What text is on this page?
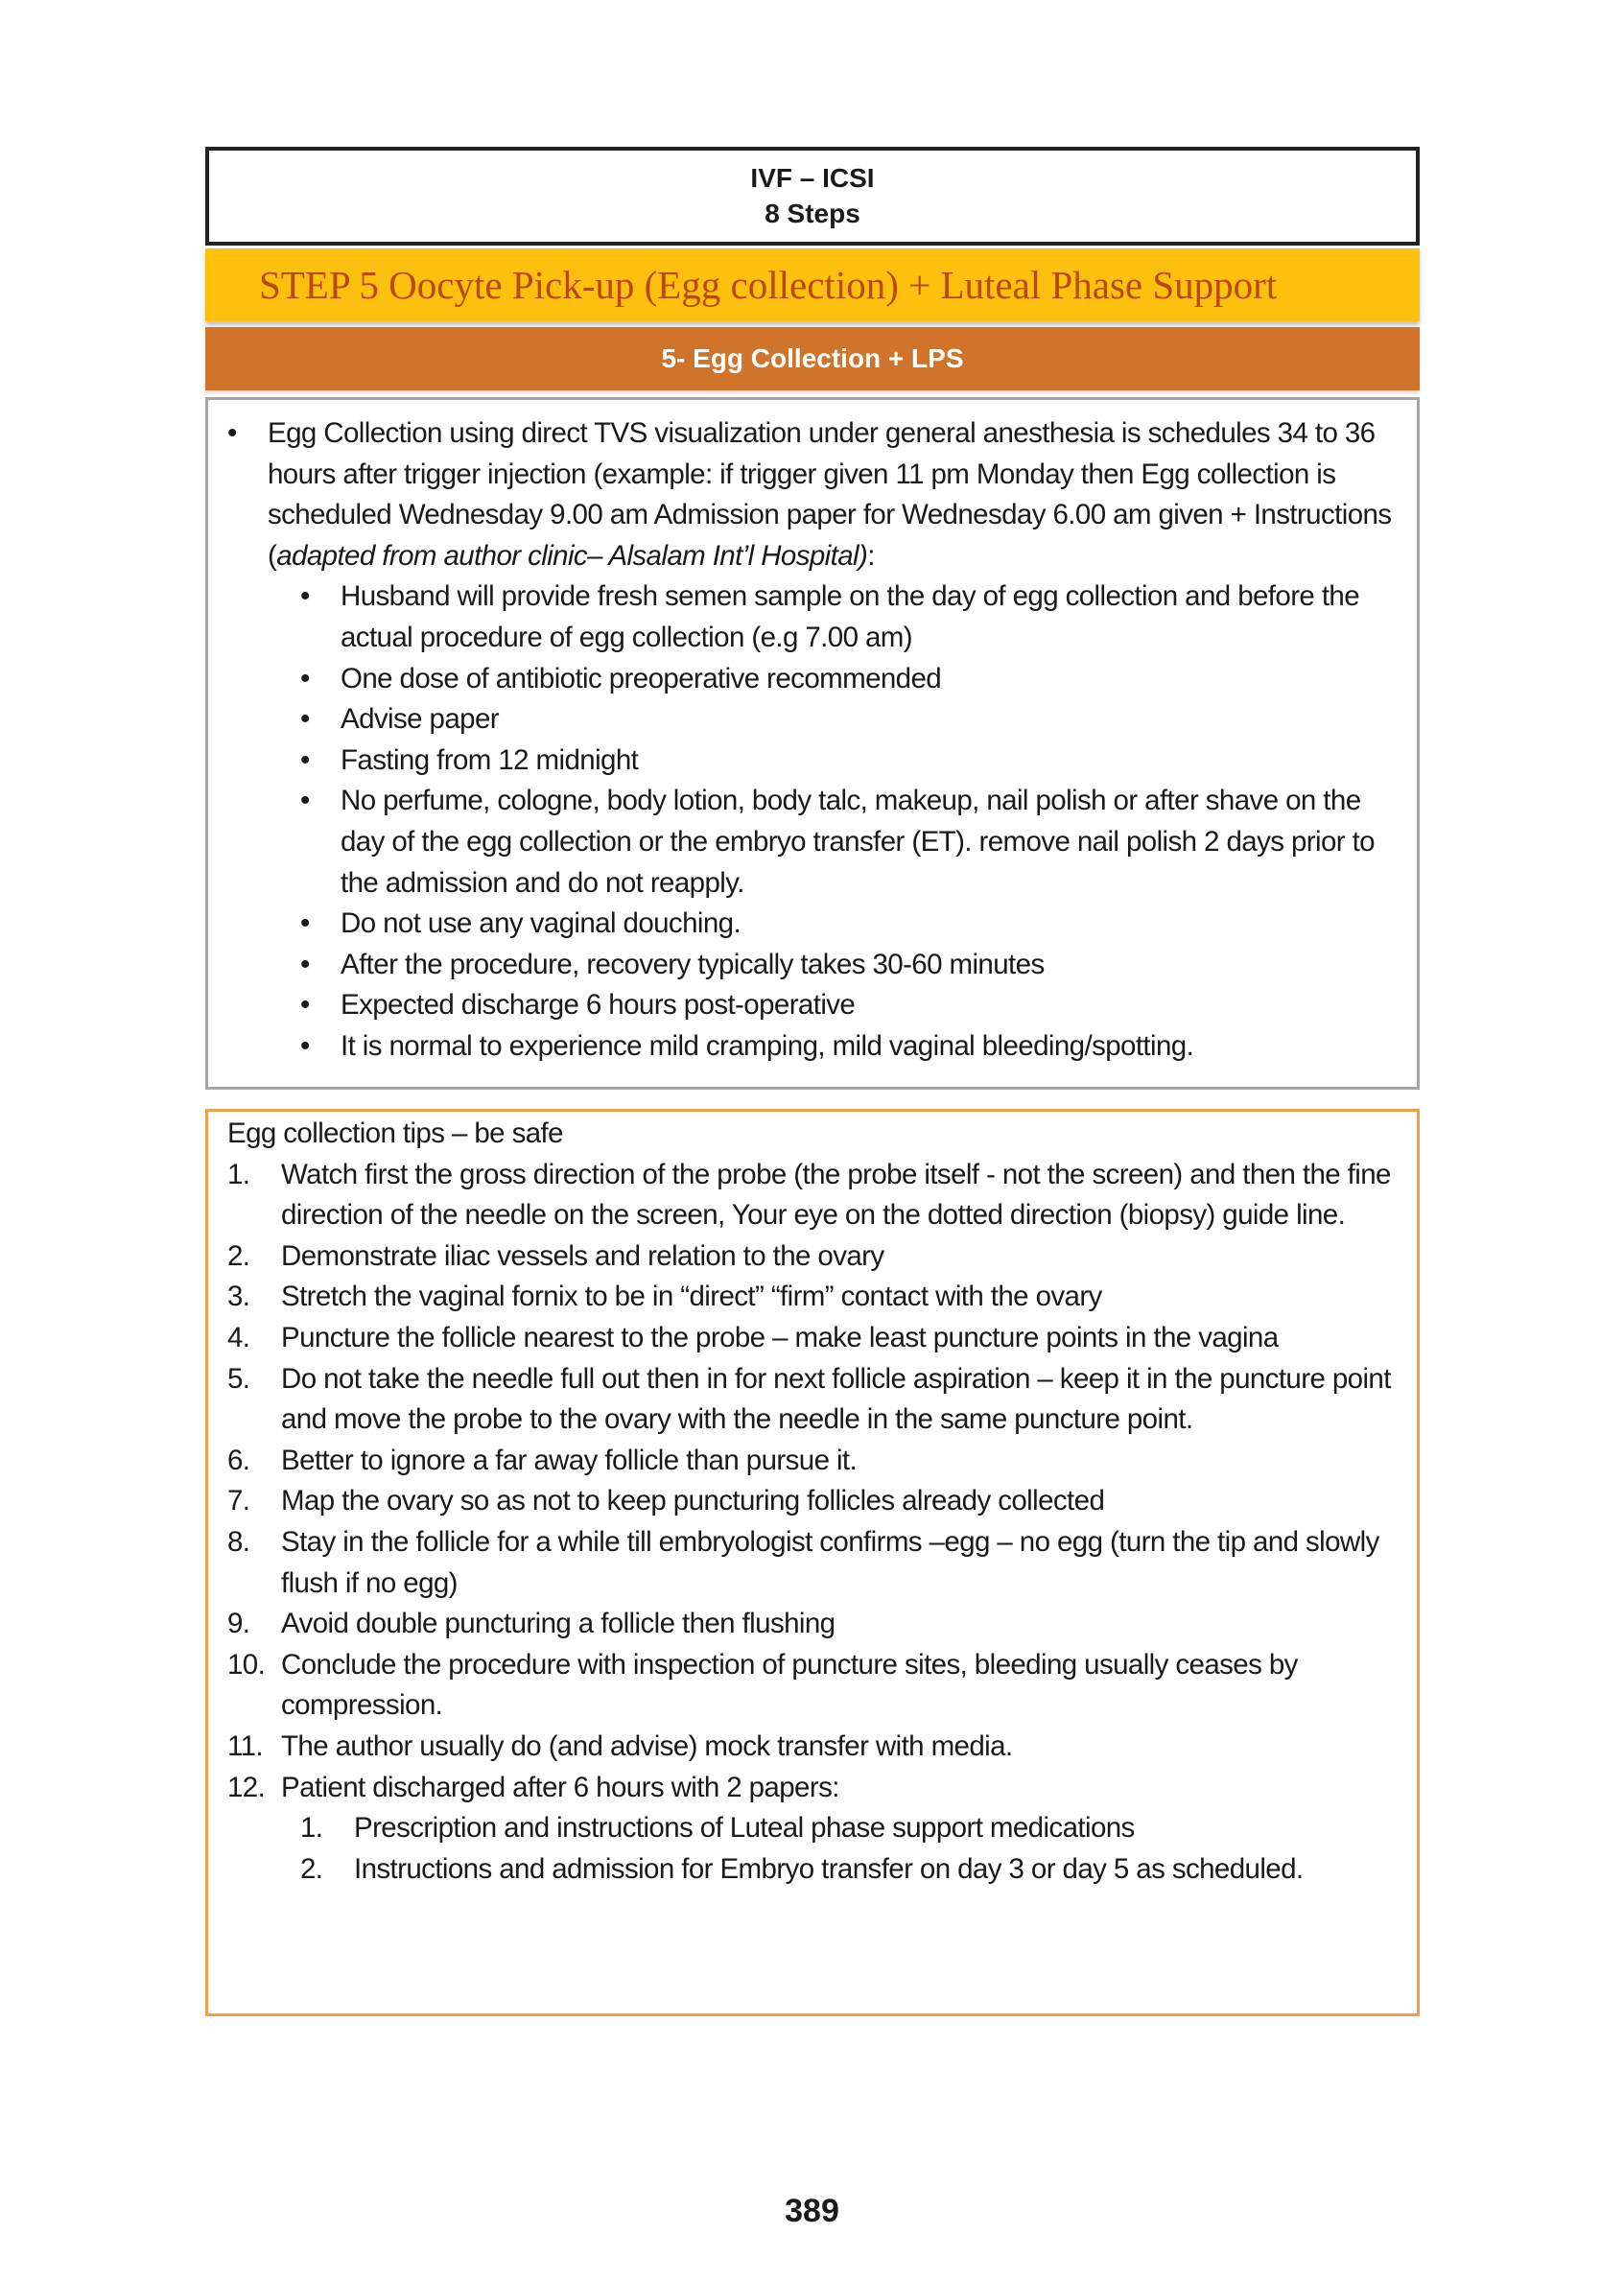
IVF – ICSI
8 Steps
STEP 5 Oocyte Pick-up (Egg collection) + Luteal Phase Support
5- Egg Collection + LPS
• Egg Collection using direct TVS visualization under general anesthesia is schedules 34 to 36 hours after trigger injection (example: if trigger given 11 pm Monday then Egg collection is scheduled Wednesday 9.00 am Admission paper for Wednesday 6.00 am given + Instructions (adapted from author clinic– Alsalam Int’l Hospital):
• Husband will provide fresh semen sample on the day of egg collection and before the actual procedure of egg collection (e.g 7.00 am)
• One dose of antibiotic preoperative recommended
• Advise paper
• Fasting from 12 midnight
• No perfume, cologne, body lotion, body talc, makeup, nail polish or after shave on the day of the egg collection or the embryo transfer (ET). remove nail polish 2 days prior to the admission and do not reapply.
• Do not use any vaginal douching.
• After the procedure, recovery typically takes 30-60 minutes
• Expected discharge 6 hours post-operative
• It is normal to experience mild cramping, mild vaginal bleeding/spotting.
Egg collection tips – be safe
1. Watch first the gross direction of the probe (the probe itself - not the screen) and then the fine direction of the needle on the screen, Your eye on the dotted direction (biopsy) guide line.
2. Demonstrate iliac vessels and relation to the ovary
3. Stretch the vaginal fornix to be in “direct” “firm” contact with the ovary
4. Puncture the follicle nearest to the probe – make least puncture points in the vagina
5. Do not take the needle full out then in for next follicle aspiration – keep it in the puncture point and move the probe to the ovary with the needle in the same puncture point.
6. Better to ignore a far away follicle than pursue it.
7. Map the ovary so as not to keep puncturing follicles already collected
8. Stay in the follicle for a while till embryologist confirms –egg – no egg (turn the tip and slowly flush if no egg)
9. Avoid double puncturing a follicle then flushing
10. Conclude the procedure with inspection of puncture sites, bleeding usually ceases by compression.
11. The author usually do (and advise) mock transfer with media.
12. Patient discharged after 6 hours with 2 papers:
1. Prescription and instructions of Luteal phase support medications
2. Instructions and admission for Embryo transfer on day 3 or day 5 as scheduled.
389
